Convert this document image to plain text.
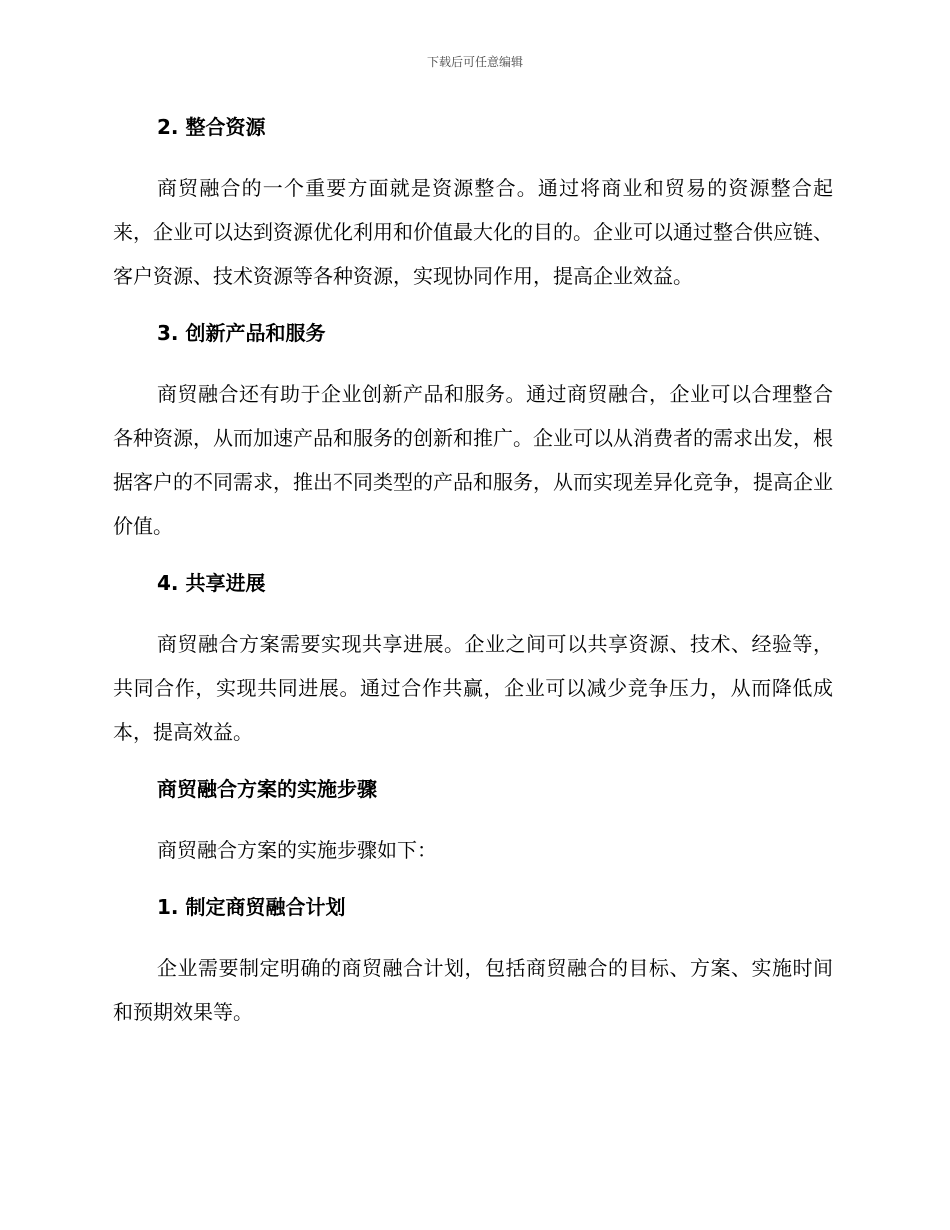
下载后可任意编辑
2. 整合资源

商贸融合的一个重要方面就是资源整合。通过将商业和贸易的资源整合起来，企业可以达到资源优化利用和价值最大化的目的。企业可以通过整合供应链、客户资源、技术资源等各种资源，实现协同作用，提高企业效益。

3. 创新产品和服务

商贸融合还有助于企业创新产品和服务。通过商贸融合，企业可以合理整合各种资源，从而加速产品和服务的创新和推广。企业可以从消费者的需求出发，根据客户的不同需求，推出不同类型的产品和服务，从而实现差异化竞争，提高企业价值。

4. 共享进展

商贸融合方案需要实现共享进展。企业之间可以共享资源、技术、经验等，共同合作，实现共同进展。通过合作共赢，企业可以减少竞争压力，从而降低成本，提高效益。

商贸融合方案的实施步骤

商贸融合方案的实施步骤如下：

1. 制定商贸融合计划

企业需要制定明确的商贸融合计划，包括商贸融合的目标、方案、实施时间和预期效果等。
